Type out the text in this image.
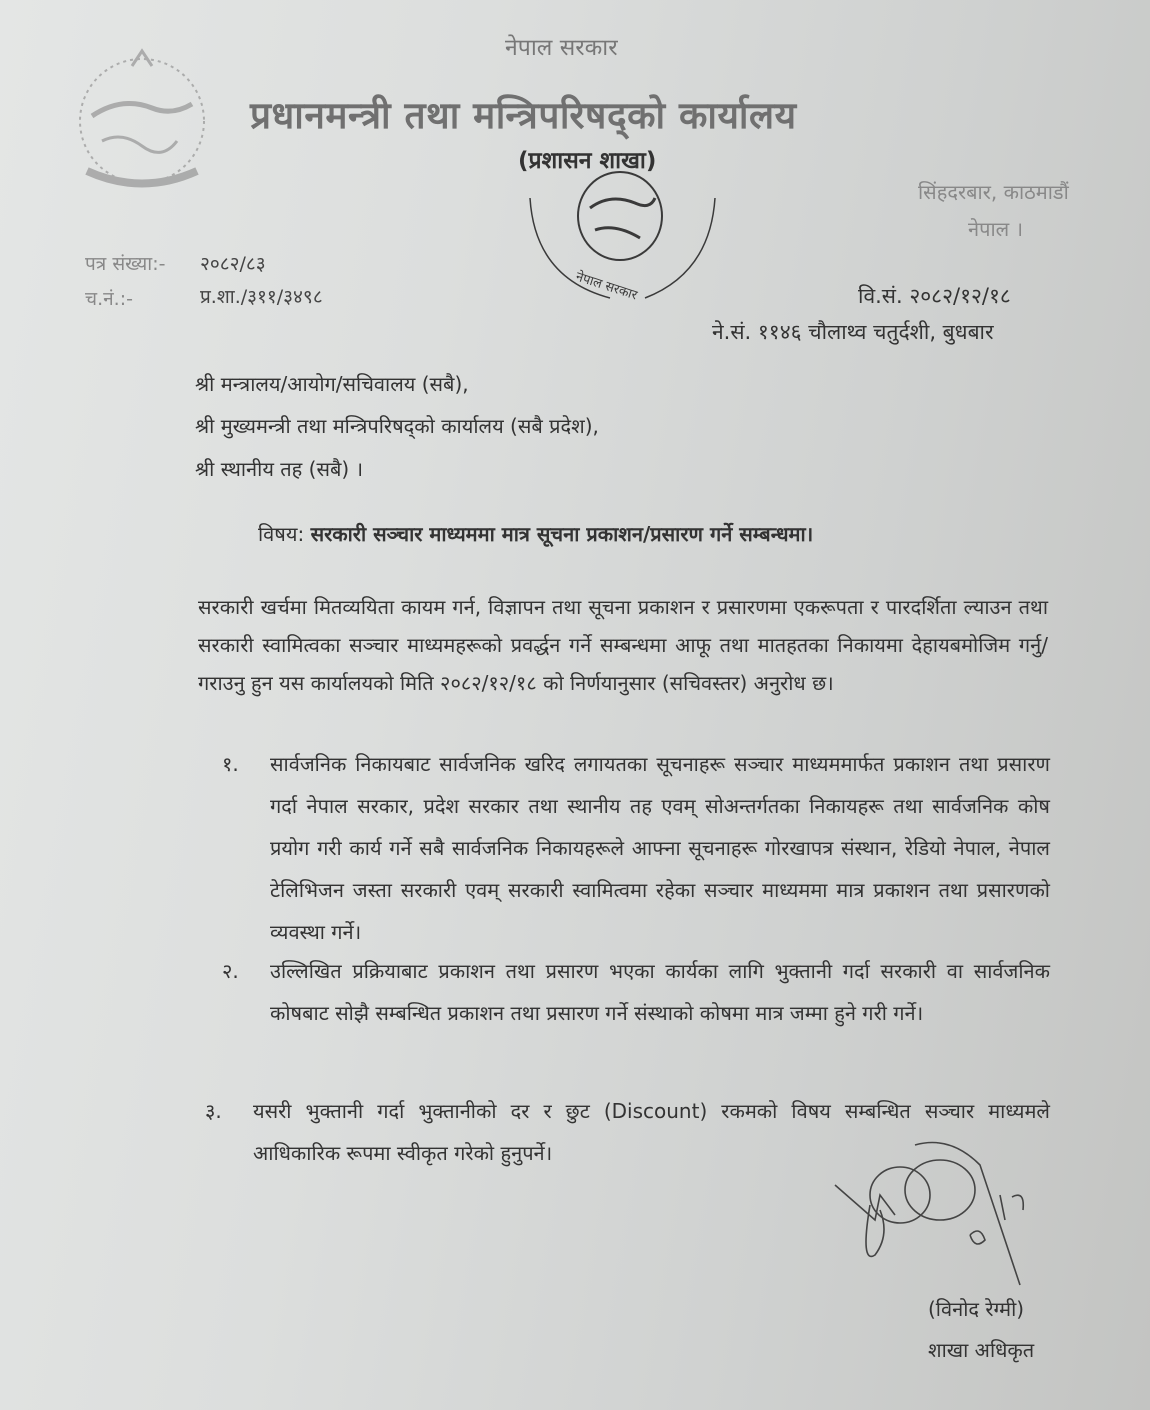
नेपाल सरकार
प्रधानमन्त्री तथा मन्त्रिपरिषद्को कार्यालय
(प्रशासन शाखा)
सिंहदरबार, काठमाडौं
नेपाल ।
नेपाल सरकार
पत्र संख्या:- २०८२/८३
च.नं.:-	प्र.शा./३११/३४९८	वि.सं. २०८२/१२/१८
ने.सं. ११४६ चौलाथ्व चतुर्दशी, बुधबार
श्री मन्त्रालय/आयोग/सचिवालय (सबै),
श्री मुख्यमन्त्री तथा मन्त्रिपरिषद्को कार्यालय (सबै प्रदेश),
श्री स्थानीय तह (सबै) ।
विषय: सरकारी सञ्चार माध्यममा मात्र सूचना प्रकाशन/प्रसारण गर्ने सम्बन्धमा।
सरकारी खर्चमा मितव्ययिता कायम गर्न, विज्ञापन तथा सूचना प्रकाशन र प्रसारणमा एकरूपता र पारदर्शिता ल्याउन तथा सरकारी स्वामित्वका सञ्चार माध्यमहरूको प्रवर्द्धन गर्ने सम्बन्धमा आफू तथा मातहतका निकायमा देहायबमोजिम गर्नु/गराउनु हुन यस कार्यालयको मिति २०८२/१२/१८ को निर्णयानुसार (सचिवस्तर) अनुरोध छ।
१. सार्वजनिक निकायबाट सार्वजनिक खरिद लगायतका सूचनाहरू सञ्चार माध्यममार्फत प्रकाशन तथा प्रसारण गर्दा नेपाल सरकार, प्रदेश सरकार तथा स्थानीय तह एवम् सोअन्तर्गतका निकायहरू तथा सार्वजनिक कोष प्रयोग गरी कार्य गर्ने सबै सार्वजनिक निकायहरूले आफ्ना सूचनाहरू गोरखापत्र संस्थान, रेडियो नेपाल, नेपाल टेलिभिजन जस्ता सरकारी एवम् सरकारी स्वामित्वमा रहेका सञ्चार माध्यममा मात्र प्रकाशन तथा प्रसारणको व्यवस्था गर्ने।
२. उल्लिखित प्रक्रियाबाट प्रकाशन तथा प्रसारण भएका कार्यका लागि भुक्तानी गर्दा सरकारी वा सार्वजनिक कोषबाट सोझै सम्बन्धित प्रकाशन तथा प्रसारण गर्ने संस्थाको कोषमा मात्र जम्मा हुने गरी गर्ने।
३. यसरी भुक्तानी गर्दा भुक्तानीको दर र छुट (Discount) रकमको विषय सम्बन्धित सञ्चार माध्यमले आधिकारिक रूपमा स्वीकृत गरेको हुनुपर्ने।
(विनोद रेग्मी)
शाखा अधिकृत
